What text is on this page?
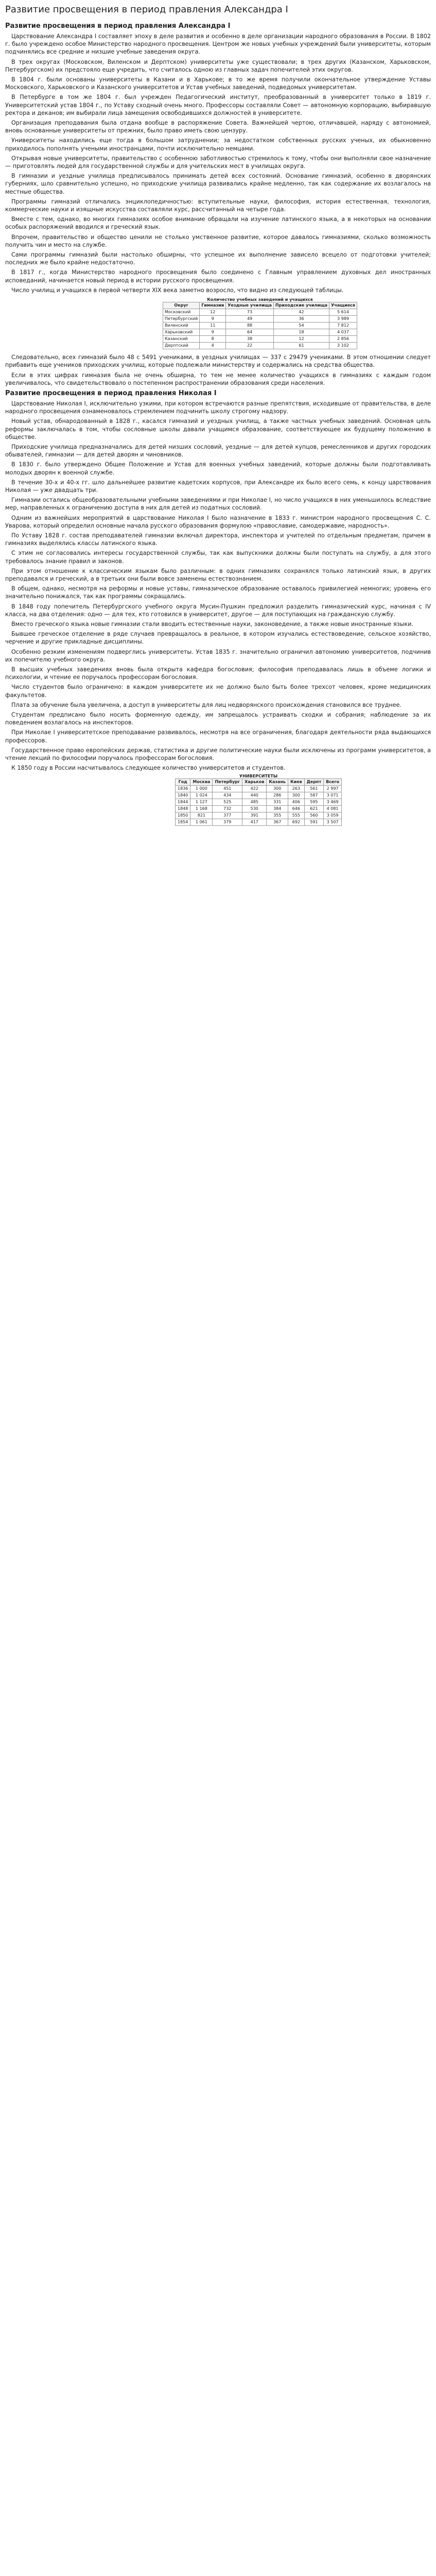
Развитие просвещения в период правления Александра I
Развитие просвещения в период правления Александра I

Царствование Александра I составляет эпоху в деле развития и особенно в деле организации народного образования в России. В 1802 г. было учреждено особое Министерство народного просвещения. Центром же новых учебных учреждений были университеты, которым подчинялись все средние и низшие учебные заведения округа.

В трех округах (Московском, Виленском и Дерптском) университеты уже существовали; в трех других (Казанском, Харьковском, Петербургском) их предстояло еще учредить, что считалось одною из главных задач попечителей этих округов.

В 1804 г. были основаны университеты в Казани и в Харькове; в то же время получили окончательное утверждение Уставы Московского, Харьковского и Казанского университетов и Устав учебных заведений, подведомых университетам.

В Петербурге в том же 1804 г. был учрежден Педагогический институт, преобразованный в университет только в 1819 г. Университетский устав 1804 г., по Уставу сходный очень много. Профессоры составляли Совет — автономную корпорацию, выбиравшую ректора и деканов; им выбирали лица замещения освободившихся должностей в университете.

Организация преподавания была отдана вообще в распоряжение Совета. Важнейшей чертою, отличавшей, наряду с автономией, вновь основанные университеты от прежних, было право иметь свою цензуру.

Университеты находились еще тогда в большом затруднении; за недостатком собственных русских ученых, их обыкновенно приходилось пополнять учеными иностранцами, почти исключительно немцами.

Открывая новые университеты, правительство с особенною заботливостью стремилось к тому, чтобы они выполняли свое назначение — приготовлять людей для государственной службы и для учительских мест в училищах округа.

В гимназии и уездные училища предписывалось принимать детей всех состояний. Основание гимназий, особенно в дворянских губерниях, шло сравнительно успешно, но приходские училища развивались крайне медленно, так как содержание их возлагалось на местные общества.

Программы гимназий отличались энциклопедичностью: вступительные науки, философия, история естественная, технология, коммерческие науки и изящные искусства составляли курс, рассчитанный на четыре года.

Вместе с тем, однако, во многих гимназиях особое внимание обращали на изучение латинского языка, а в некоторых на основании особых распоряжений вводился и греческий язык.

Впрочем, правительство и общество ценили не столько умственное развитие, которое давалось гимназиями, сколько возможность получить чин и место на службе.

Сами программы гимназий были настолько обширны, что успешное их выполнение зависело всецело от подготовки учителей; последних же было крайне недостаточно.

В 1817 г., когда Министерство народного просвещения было соединено с Главным управлением духовных дел иностранных исповеданий, начинается новый период в истории русского просвещения.

Число училищ и учащихся в первой четверти XIX века заметно возросло, что видно из следующей таблицы.

Количество учебных заведений и учащихся
Округ	Гимназии	Уездные училища	Приходские училища	Учащиеся
Московский	12	73	42	5 614
Петербургский	9	49	36	3 989
Виленский	11	88	54	7 812
Харьковский	9	64	18	4 037
Казанский	8	38	12	2 856
Дерптский	4	22	61	3 102

Следовательно, всех гимназий было 48 с 5491 учениками, в уездных училищах — 337 с 29479 учениками. В этом отношении следует прибавить еще учеников приходских училищ, которые подлежали министерству и содержались на средства общества.

Если в этих цифрах гимназия была не очень обширна, то тем не менее количество учащихся в гимназиях с каждым годом увеличивалось, что свидетельствовало о постепенном распространении образования среди населения.

Развитие просвещения в период правления Николая I

Царствование Николая I, исключительно узкими, при котором встречаются разные препятствия, исходившие от правительства, в деле народного просвещения ознаменовалось стремлением подчинить школу строгому надзору.

Новый устав, обнародованный в 1828 г., касался гимназий и уездных училищ, а также частных учебных заведений. Основная цель реформы заключалась в том, чтобы сословные школы давали учащимся образование, соответствующее их будущему положению в обществе.

Приходские училища предназначались для детей низших сословий, уездные — для детей купцов, ремесленников и других городских обывателей, гимназии — для детей дворян и чиновников.

В 1830 г. было утверждено Общее Положение и Устав для военных учебных заведений, которые должны были подготавливать молодых дворян к военной службе.

В течение 30-х и 40-х гг. шло дальнейшее развитие кадетских корпусов, при Александре их было всего семь, к концу царствования Николая — уже двадцать три.

Гимназии остались общеобразовательными учебными заведениями и при Николае I, но число учащихся в них уменьшилось вследствие мер, направленных к ограничению доступа в них для детей из податных сословий.

Одним из важнейших мероприятий в царствование Николая I было назначение в 1833 г. министром народного просвещения С. С. Уварова, который определил основные начала русского образования формулою «православие, самодержавие, народность».

По Уставу 1828 г. состав преподавателей гимназии включал директора, инспектора и учителей по отдельным предметам, причем в гимназиях выделялись классы латинского языка.

С этим не согласовались интересы государственной службы, так как выпускники должны были поступать на службу, а для этого требовалось знание правил и законов.

При этом отношение к классическим языкам было различным: в одних гимназиях сохранялся только латинский язык, в других преподавался и греческий, а в третьих они были вовсе заменены естествознанием.

В общем, однако, несмотря на реформы и новые уставы, гимназическое образование оставалось привилегией немногих; уровень его значительно понижался, так как программы сокращались.

В 1848 году попечитель Петербургского учебного округа Мусин-Пушкин предложил разделить гимназический курс, начиная с IV класса, на два отделения: одно — для тех, кто готовился в университет, другое — для поступающих на гражданскую службу.

Вместо греческого языка новые гимназии стали вводить естественные науки, законоведение, а также новые иностранные языки.

Бывшее греческое отделение в ряде случаев превращалось в реальное, в котором изучались естествоведение, сельское хозяйство, черчение и другие прикладные дисциплины.

Особенно резким изменениям подверглись университеты. Устав 1835 г. значительно ограничил автономию университетов, подчинив их попечителю учебного округа.

В высших учебных заведениях вновь была открыта кафедра богословия; философия преподавалась лишь в объеме логики и психологии, и чтение ее поручалось профессорам богословия.

Число студентов было ограничено: в каждом университете их не должно было быть более трехсот человек, кроме медицинских факультетов.

Плата за обучение была увеличена, а доступ в университеты для лиц недворянского происхождения становился все труднее.

Студентам предписано было носить форменную одежду, им запрещалось устраивать сходки и собрания; наблюдение за их поведением возлагалось на инспекторов.

При Николае I университетское преподавание развивалось, несмотря на все ограничения, благодаря деятельности ряда выдающихся профессоров.

Государственное право европейских держав, статистика и другие политические науки были исключены из программ университетов, а чтение лекций по философии поручалось профессорам богословия.

К 1850 году в России насчитывалось следующее количество университетов и студентов.

УНИВЕРСИТЕТЫ
Год	Москва	Петербург	Харьков	Казань	Киев	Дерпт	Всего
1836	1 000	451	422	300	263	561	2 997
1840	1 024	434	440	286	300	587	3 071
1844	1 127	525	485	331	406	595	3 469
1848	1 168	732	530	384	646	621	4 081
1850	821	377	391	355	555	560	3 059
1854	1 061	379	417	367	692	591	3 507
